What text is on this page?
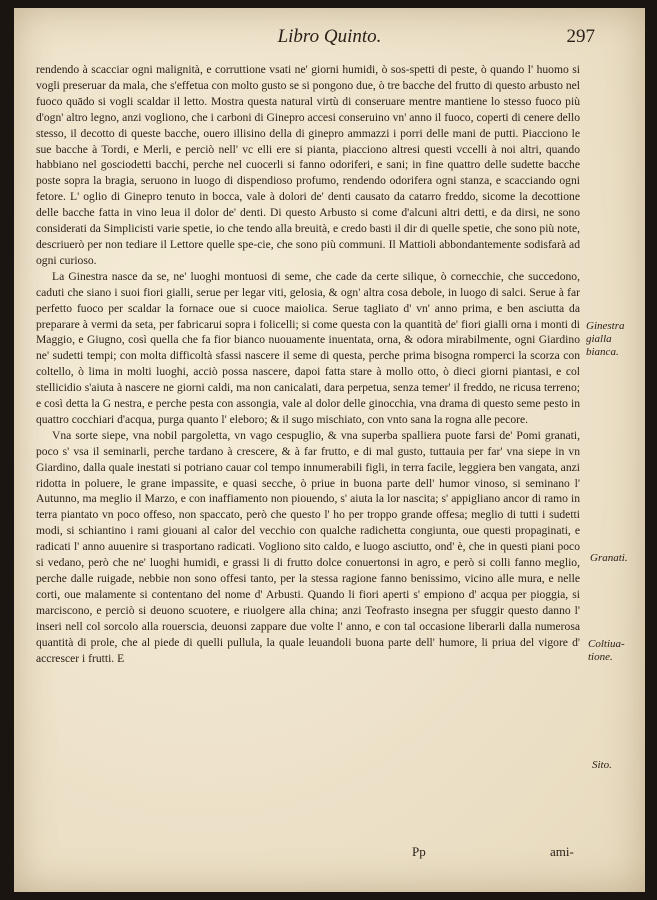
Libro Quinto.	297

rendendo à scacciar ogni malignità, e corruttione vsati ne' giorni humidi, ò sos-spetti di peste, ò quando l' huomo si vogli preseruar da mala, che s'effetua con molto gusto se si pongono due, ò tre bacche del frutto di questo arbusto nel fuoco quādo si vogli scaldar il letto. Mostra questa natural virtù di conseruare mentre mantiene lo stesso fuoco più d'ogn' altro legno, anzi vogliono, che i carboni di Ginepro accesi conseruino vn' anno il fuoco, coperti di cenere dello stesso, il decotto di queste bacche, ouero illisino della di ginepro ammazzi i porri delle mani de putti. Piacciono le sue bacche à Tordi, e Merli, e perciò nell' vc elli ere si pianta, piacciono altresi questi vccelli à noi altri, quando habbiano nel gosciodetti bacchi, perche nel cuocerli si fanno odoriferi, e sani; in fine quattro delle sudette bacche poste sopra la bragia, seruono in luogo di dispendioso profumo, rendendo odorifera ogni stanza, e scacciando ogni fetore. L' oglio di Ginepro tenuto in bocca, vale à dolori de' denti causato da catarro freddo, sicome la decottione delle bacche fatta in vino leua il dolor de' denti. Di questo Arbusto si come d'alcuni altri detti, e da dirsi, ne sono considerati da Simplicisti varie spetie, io che tendo alla breuità, e credo basti il dir di quelle spetie, che sono più note, descriuerò per non tediare il Lettore quelle spe-cie, che sono più communi. Il Mattioli abbondantemente sodisfarà ad ogni curioso.

La Ginestra nasce da se, ne' luoghi montuosi di seme, che cade da certe silique, ò cornecchie, che succedono, caduti che siano i suoi fiori gialli, serue per legar viti, gelosia, & ogn' altra cosa debole, in luogo di salci. Serue à far perfetto fuoco per scaldar la fornace oue si cuoce maiolica. Serue tagliato d' vn' anno prima, e ben asciutta da preparare à vermi da seta, per fabricarui sopra i folicelli; si come questa con la quantità de' fiori gialli orna i monti di Maggio, e Giugno, così quella che fa fior bianco nuouamente inuentata, orna, & odora mirabilmente, ogni Giardino ne' sudetti tempi; con molta difficoltà sfassi nascere il seme di questa, perche prima bisogna romperci la scorza con coltello, ò lima in molti luoghi, acciò possa nascere, dapoi fatta stare à mollo otto, ò dieci giorni piantasi, e col stellicidio s'aiuta à nascere ne giorni caldi, ma non canicalati, dara perpetua, senza temer' il freddo, ne ricusa terreno; e così detta la G nestra, e perche pesta con assongia, vale al dolor delle ginocchia, vna drama di questo seme pesto in quattro cocchiari d'acqua, purga quanto l' eleboro; & il sugo mischiato, con vnto sana la rogna alle pecore.

Vna sorte siepe, vna nobil pargoletta, vn vago cespuglio, & vna superba spalliera puote farsi de' Pomi granati, poco s' vsa il seminarli, perche tardano à crescere, & à far frutto, e di mal gusto, tuttauia per far' vna siepe in vn Giardino, dalla quale inestati si potriano cauar col tempo innumerabili figli, in terra facile, leggiera ben vangata, anzi ridotta in poluere, le grane impassite, e quasi secche, ò priue in buona parte dell' humor vinoso, si seminano l' Autunno, ma meglio il Marzo, e con inaffiamento non piouendo, s' aiuta la lor nascita; s' appigliano ancor di ramo in terra piantato vn poco offeso, non spaccato, però che questo l' ho per troppo grande offesa; meglio di tutti i sudetti modi, si schiantino i rami giouani al calor del vecchio con qualche radichetta congiunta, oue questi propaginati, e radicati l' anno auuenire si trasportano radicati. Vogliono sito caldo, e luogo asciutto, ond' è, che in questi piani poco si vedano, però che ne' luoghi humidi, e grassi li di frutto dolce conuertonsi in agro, e però si colli fanno meglio, perche dalle ruigade, nebbie non sono offesi tanto, per la stessa ragione fanno benissimo, vicino alle mura, e nelle corti, oue malamente si contentano del nome d' Arbusti. Quando li fiori aperti s' empiono d' acqua per pioggia, si marciscono, e perciò si deuono scuotere, e riuolgere alla china; anzi Teofrasto insegna per sfuggir questo danno l' inseri nell col sorcolo alla rouerscia, deuonsi zappare due volte l' anno, e con tal occasione liberarli dalla numerosa quantità di prole, che al piede di quelli pullula, la quale leuandoli buona parte dell' humore, li priua del vigore d' accrescer i frutti. E

Ginestra
gialla
bianca.
Granati.
Coltiua-
tione.
Sito.
Pp	ami-
